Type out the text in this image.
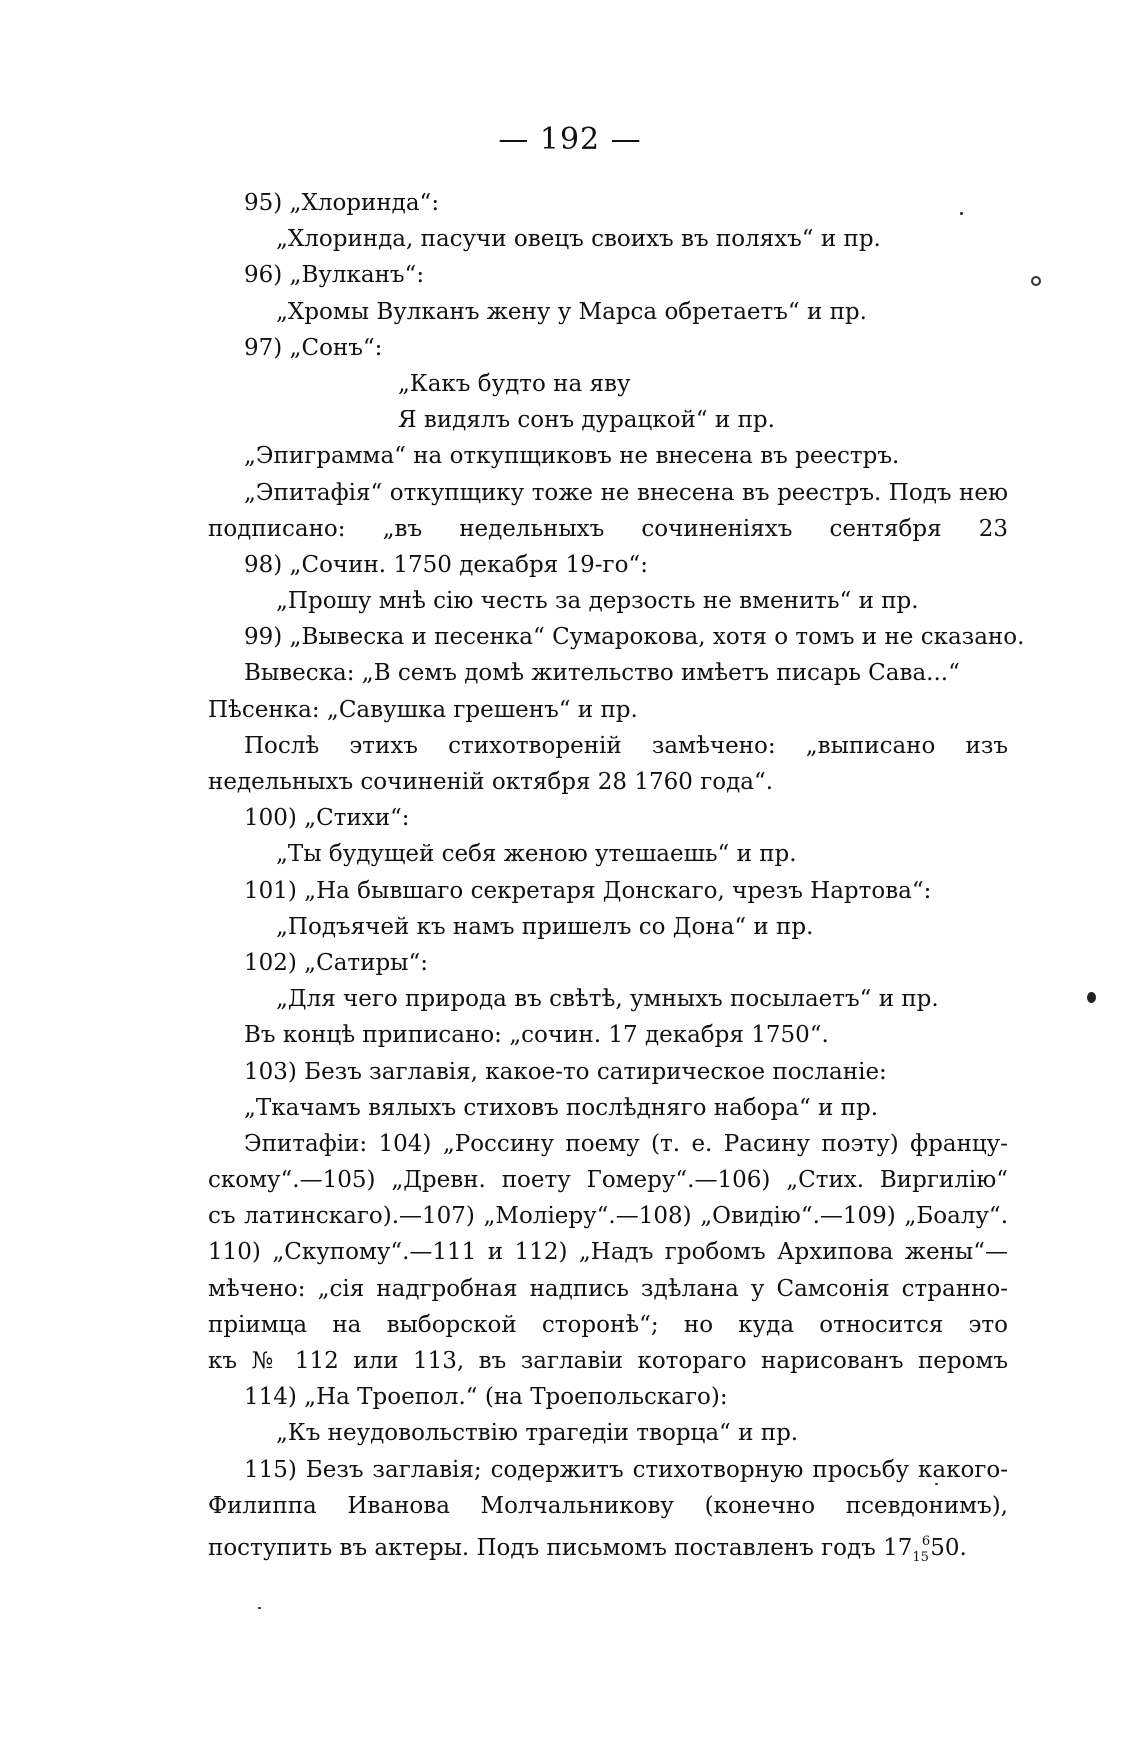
— 192 —
95) „Хлоринда“:
„Хлоринда, пасучи овецъ своихъ въ поляхъ“ и пр.
96) „Вулканъ“:
„Хромы Вулканъ жену у Марса обретаетъ“ и пр.
97) „Сонъ“:
„Какъ будто на яву
Я видялъ сонъ дурацкой“ и пр.
„Эпиграмма“ на откупщиковъ не внесена въ реестръ.
„Эпитафія“ откупщику тоже не внесена въ реестръ. Подъ нею
подписано: „въ недельныхъ сочиненіяхъ сентября 23
98) „Сочин. 1750 декабря 19-го“:
„Прошу мнѣ сію честь за дерзость не вменить“ и пр.
99) „Вывеска и песенка“ Сумарокова, хотя о томъ и не сказано.
Вывеска: „В семъ домѣ жительство имѣетъ писарь Сава...“
Пѣсенка: „Савушка грешенъ“ и пр.
Послѣ этихъ стихотвореній замѣчено: „выписано изъ
недельныхъ сочиненій октября 28 1760 года“.
100) „Стихи“:
„Ты будущей себя женою утешаешь“ и пр.
101) „На бывшаго секретаря Донскаго, чрезъ Нартова“:
„Подъячей къ намъ пришелъ со Дона“ и пр.
102) „Сатиры“:
„Для чего природа въ свѣтѣ, умныхъ посылаетъ“ и пр.
Въ концѣ приписано: „сочин. 17 декабря 1750“.
103) Безъ заглавія, какое-то сатирическое посланіе:
„Ткачамъ вялыхъ стиховъ послѣдняго набора“ и пр.
Эпитафіи: 104) „Россину поему (т. е. Расину поэту) францу-
скому“.—105) „Древн. поету Гомеру“.—106) „Стих. Виргилію“
съ латинскаго).—107) „Моліеру“.—108) „Овидію“.—109) „Боалу“.
110) „Скупому“.—111 и 112) „Надъ гробомъ Архипова жены“—
мѣчено: „сія надгробная надпись здѣлана у Самсонія странно-
пріимца на выборской сторонѣ“; но куда относится это
къ № 112 или 113, въ заглавіи котораго нарисованъ перомъ
114) „На Троепол.“ (на Троепольскаго):
„Къ неудовольствію трагедіи творца“ и пр.
115) Безъ заглавія; содержитъ стихотворную просьбу какого-
Филиппа Иванова Молчальникову (конечно псевдонимъ),
поступить въ актеры. Подъ письмомъ поставленъ годъ $17_{15}^650$.
